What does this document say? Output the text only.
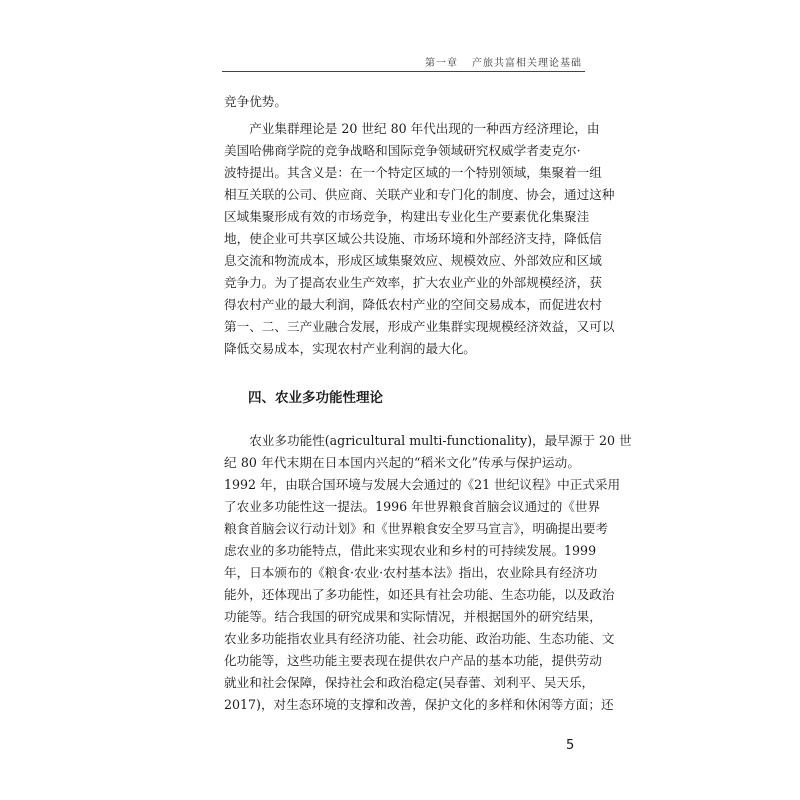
第一章 产旅共富相关理论基础
竞争优势。
产业集群理论是 20 世纪 80 年代出现的一种西方经济理论，由
美国哈佛商学院的竞争战略和国际竞争领域研究权威学者麦克尔·
波特提出。其含义是：在一个特定区域的一个特别领域，集聚着一组
相互关联的公司、供应商、关联产业和专门化的制度、协会，通过这种
区域集聚形成有效的市场竞争，构建出专业化生产要素优化集聚洼
地，使企业可共享区域公共设施、市场环境和外部经济支持，降低信
息交流和物流成本，形成区域集聚效应、规模效应、外部效应和区域
竞争力。为了提高农业生产效率，扩大农业产业的外部规模经济，获
得农村产业的最大利润，降低农村产业的空间交易成本，而促进农村
第一、二、三产业融合发展，形成产业集群实现规模经济效益，又可以
降低交易成本，实现农村产业利润的最大化。
四、农业多功能性理论
农业多功能性(agricultural multi-functionality)，最早源于 20 世
纪 80 年代末期在日本国内兴起的“稻米文化”传承与保护运动。
1992 年，由联合国环境与发展大会通过的《21 世纪议程》中正式采用
了农业多功能性这一提法。1996 年世界粮食首脑会议通过的《世界
粮食首脑会议行动计划》和《世界粮食安全罗马宣言》，明确提出要考
虑农业的多功能特点，借此来实现农业和乡村的可持续发展。1999
年，日本颁布的《粮食·农业·农村基本法》指出，农业除具有经济功
能外，还体现出了多功能性，如还具有社会功能、生态功能，以及政治
功能等。结合我国的研究成果和实际情况，并根据国外的研究结果，
农业多功能指农业具有经济功能、社会功能、政治功能、生态功能、文
化功能等，这些功能主要表现在提供农户产品的基本功能，提供劳动
就业和社会保障，保持社会和政治稳定(吴春蕾、刘利平、吴天乐，
2017)，对生态环境的支撑和改善，保护文化的多样和休闲等方面；还
5
